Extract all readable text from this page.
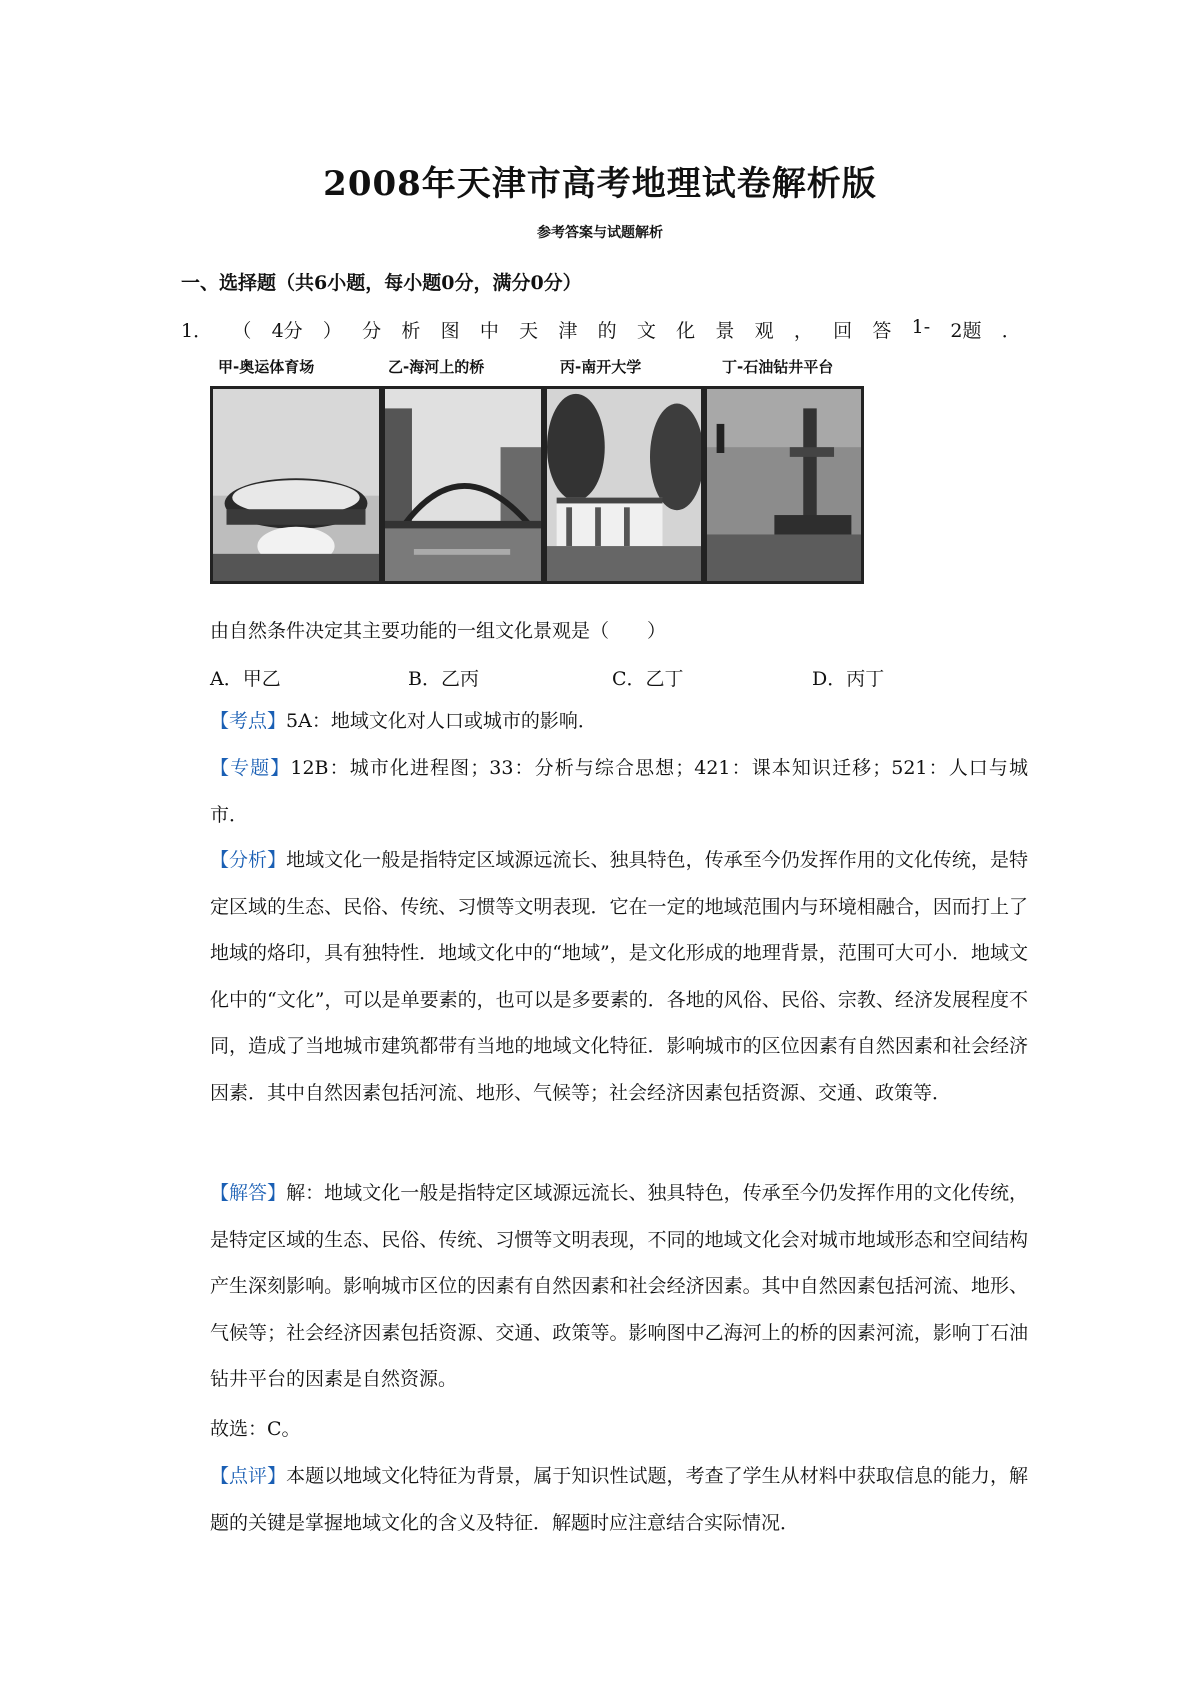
2008年天津市高考地理试卷解析版
参考答案与试题解析
一、选择题（共6小题，每小题0分，满分0分）
1． （ 4分 ） 分 析 图 中 天 津 的 文 化 景 观 ， 回 答 1- 2题 ．
甲-奥运体育场	乙-海河上的桥	丙-南开大学	丁-石油钻井平台
由自然条件决定其主要功能的一组文化景观是（　　）
A．甲乙	B．乙丙	C．乙丁	D．丙丁
【考点】5A：地域文化对人口或城市的影响．
【专题】12B：城市化进程图；33：分析与综合思想；421：课本知识迁移；521：人口与城市．
【分析】地域文化一般是指特定区域源远流长、独具特色，传承至今仍发挥作用的文化传统，是特定区域的生态、民俗、传统、习惯等文明表现．它在一定的地域范围内与环境相融合，因而打上了地域的烙印，具有独特性．地域文化中的“地域”，是文化形成的地理背景，范围可大可小．地域文化中的“文化”，可以是单要素的，也可以是多要素的．各地的风俗、民俗、宗教、经济发展程度不同，造成了当地城市建筑都带有当地的地域文化特征．影响城市的区位因素有自然因素和社会经济因素．其中自然因素包括河流、地形、气候等；社会经济因素包括资源、交通、政策等．
【解答】解：地域文化一般是指特定区域源远流长、独具特色，传承至今仍发挥作用的文化传统，是特定区域的生态、民俗、传统、习惯等文明表现，不同的地域文化会对城市地域形态和空间结构产生深刻影响。影响城市区位的因素有自然因素和社会经济因素。其中自然因素包括河流、地形、气候等；社会经济因素包括资源、交通、政策等。影响图中乙海河上的桥的因素河流，影响丁石油钻井平台的因素是自然资源。
故选：C。
【点评】本题以地域文化特征为背景，属于知识性试题，考查了学生从材料中获取信息的能力，解题的关键是掌握地域文化的含义及特征．解题时应注意结合实际情况．
